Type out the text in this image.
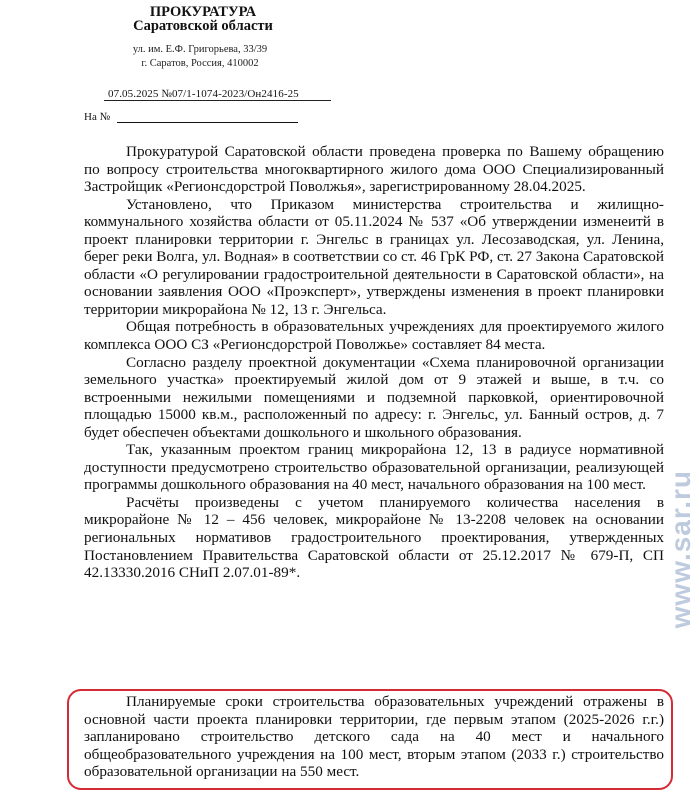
ПРОКУРАТУРА
Саратовской области
ул. им. Е.Ф. Григорьева, 33/39
г. Саратов, Россия, 410002
07.05.2025 №07/1-1074-2023/Он2416-25
На №

Прокуратурой Саратовской области проведена проверка по Вашему обращению по вопросу строительства многоквартирного жилого дома ООО Специализированный Застройщик «Регионсдорстрой Поволжья», зарегистрированному 28.04.2025.

Установлено, что Приказом министерства строительства и жилищно-коммунального хозяйства области от 05.11.2024 № 537 «Об утверждении изменеитй в проект планировки территории г. Энгельс в границах ул. Лесозаводская, ул. Ленина, берег реки Волга, ул. Водная» в соответствии со ст. 46 ГрК РФ, ст. 27 Закона Саратовской области «О регулировании градостроительной деятельности в Саратовской области», на основании заявления ООО «Проэксперт», утверждены изменения в проект планировки территории микрорайона № 12, 13 г. Энгельса.

Общая потребность в образовательных учреждениях для проектируемого жилого комплекса ООО СЗ «Регионсдорстрой Поволжье» составляет 84 места.

Согласно разделу проектной документации «Схема планировочной организации земельного участка» проектируемый жилой дом от 9 этажей и выше, в т.ч. со встроенными нежилыми помещениями и подземной парковкой, ориентировочной площадью 15000 кв.м., расположенный по адресу: г. Энгельс, ул. Банный остров, д. 7 будет обеспечен объектами дошкольного и школьного образования.

Так, указанным проектом границ микрорайона 12, 13 в радиусе нормативной доступности предусмотрено строительство образовательной организации, реализующей программы дошкольного образования на 40 мест, начального образования на 100 мест.

Расчёты произведены с учетом планируемого количества населения в микрорайоне № 12 – 456 человек, микрорайоне № 13-2208 человек на основании региональных нормативов градостроительного проектирования, утвержденных Постановлением Правительства Саратовской области от 25.12.2017 № 679-П, СП 42.13330.2016 СНиП 2.07.01-89*.

Планируемые сроки строительства образовательных учреждений отражены в основной части проекта планировки территории, где первым этапом (2025-2026 г.г.) запланировано строительство детского сада на 40 мест и начального общеобразовательного учреждения на 100 мест, вторым этапом (2033 г.) строительство образовательной организации на 550 мест.

www.sar.ru
